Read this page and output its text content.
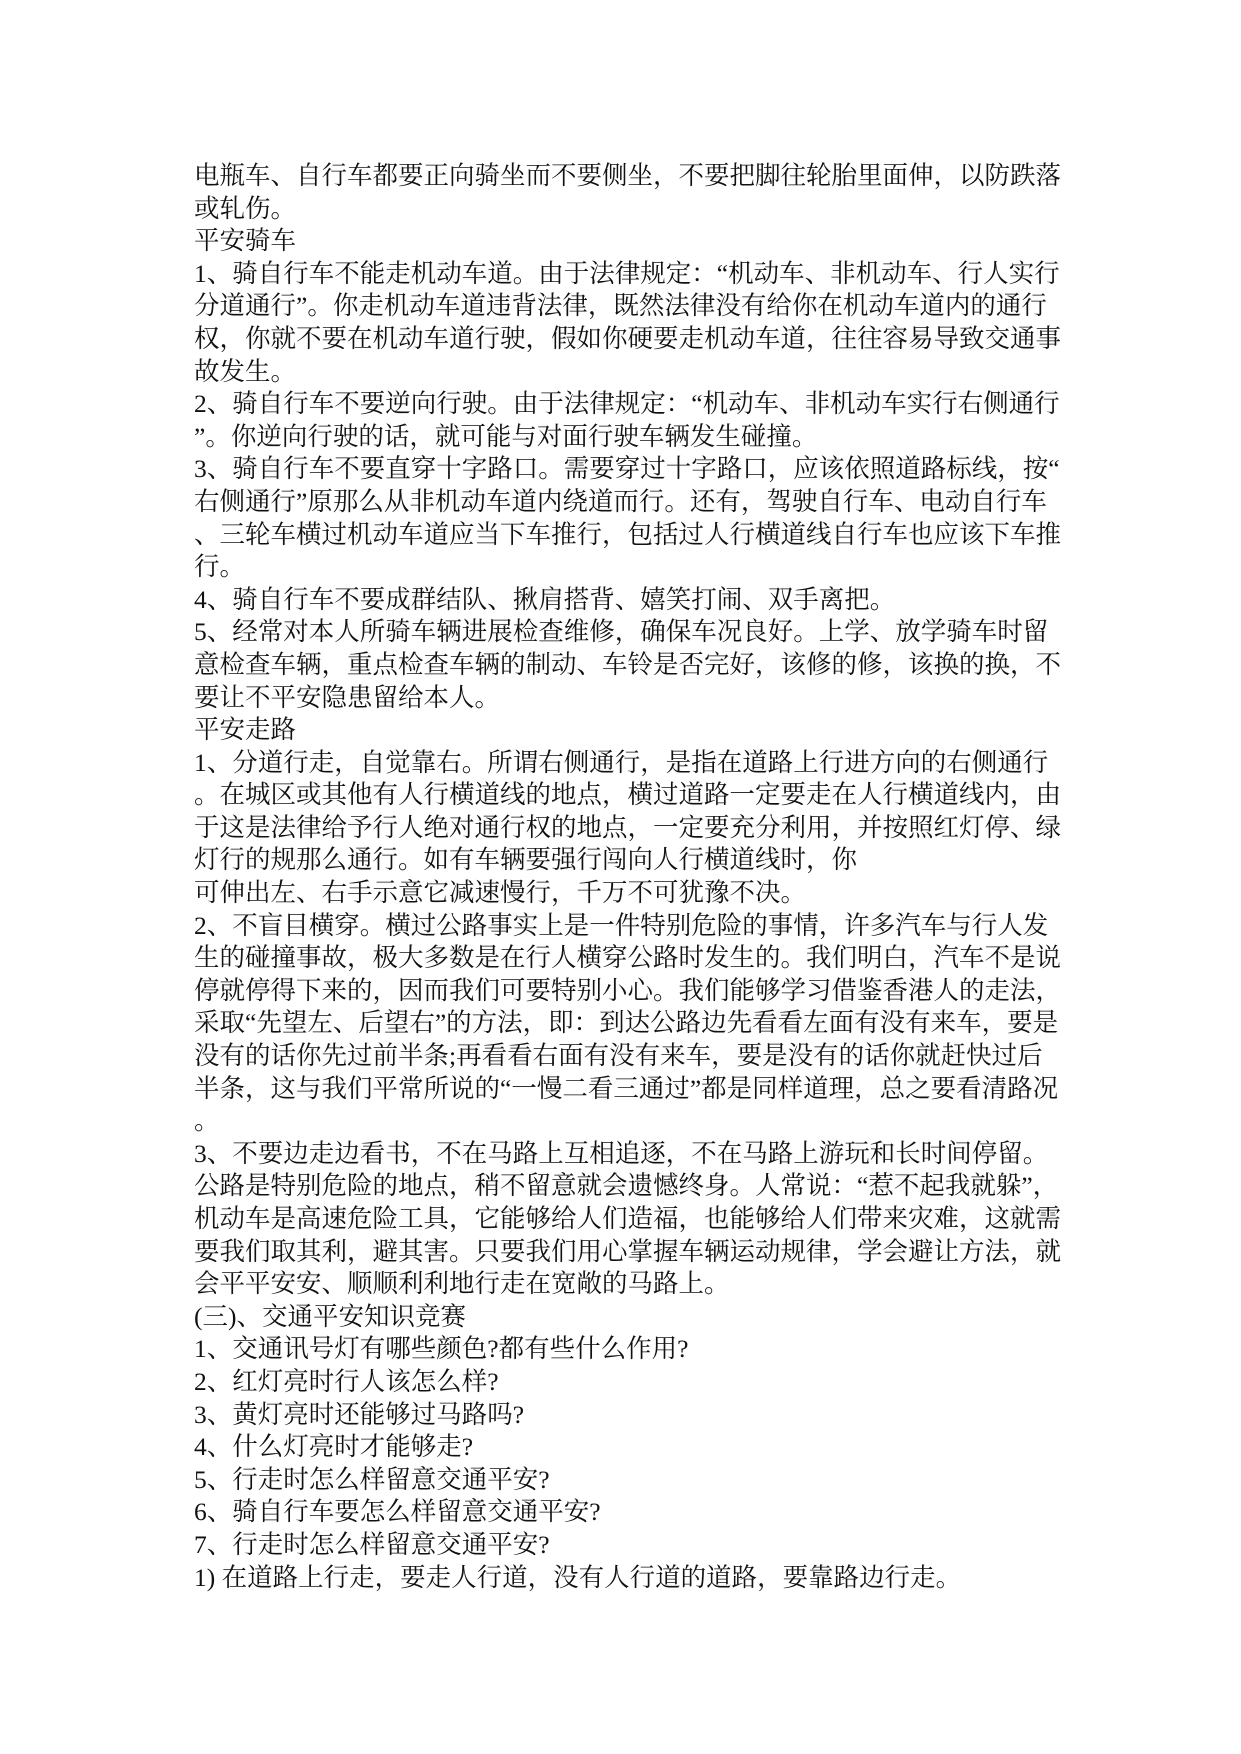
电瓶车、自行车都要正向骑坐而不要侧坐，不要把脚往轮胎里面伸，以防跌落
或轧伤。
平安骑车
1、骑自行车不能走机动车道。由于法律规定：“机动车、非机动车、行人实行
分道通行”。你走机动车道违背法律，既然法律没有给你在机动车道内的通行
权，你就不要在机动车道行驶，假如你硬要走机动车道，往往容易导致交通事
故发生。
2、骑自行车不要逆向行驶。由于法律规定：“机动车、非机动车实行右侧通行
”。你逆向行驶的话，就可能与对面行驶车辆发生碰撞。
3、骑自行车不要直穿十字路口。需要穿过十字路口，应该依照道路标线，按“
右侧通行”原那么从非机动车道内绕道而行。还有，驾驶自行车、电动自行车
、三轮车横过机动车道应当下车推行，包括过人行横道线自行车也应该下车推
行。
4、骑自行车不要成群结队、揪肩搭背、嬉笑打闹、双手离把。
5、经常对本人所骑车辆进展检查维修，确保车况良好。上学、放学骑车时留
意检查车辆，重点检查车辆的制动、车铃是否完好，该修的修，该换的换，不
要让不平安隐患留给本人。
平安走路
1、分道行走，自觉靠右。所谓右侧通行，是指在道路上行进方向的右侧通行
。在城区或其他有人行横道线的地点，横过道路一定要走在人行横道线内，由
于这是法律给予行人绝对通行权的地点，一定要充分利用，并按照红灯停、绿
灯行的规那么通行。如有车辆要强行闯向人行横道线时，你
可伸出左、右手示意它减速慢行，千万不可犹豫不决。
2、不盲目横穿。横过公路事实上是一件特别危险的事情，许多汽车与行人发
生的碰撞事故，极大多数是在行人横穿公路时发生的。我们明白，汽车不是说
停就停得下来的，因而我们可要特别小心。我们能够学习借鉴香港人的走法，
采取“先望左、后望右”的方法，即：到达公路边先看看左面有没有来车，要是
没有的话你先过前半条;再看看右面有没有来车，要是没有的话你就赶快过后
半条，这与我们平常所说的“一慢二看三通过”都是同样道理，总之要看清路况
。
3、不要边走边看书，不在马路上互相追逐，不在马路上游玩和长时间停留。
公路是特别危险的地点，稍不留意就会遗憾终身。人常说：“惹不起我就躲”，
机动车是高速危险工具，它能够给人们造福，也能够给人们带来灾难，这就需
要我们取其利，避其害。只要我们用心掌握车辆运动规律，学会避让方法，就
会平平安安、顺顺利利地行走在宽敞的马路上。
(三)、交通平安知识竞赛
1、交通讯号灯有哪些颜色?都有些什么作用?
2、红灯亮时行人该怎么样?
3、黄灯亮时还能够过马路吗?
4、什么灯亮时才能够走?
5、行走时怎么样留意交通平安?
6、骑自行车要怎么样留意交通平安?
7、行走时怎么样留意交通平安?
1) 在道路上行走，要走人行道，没有人行道的道路，要靠路边行走。
